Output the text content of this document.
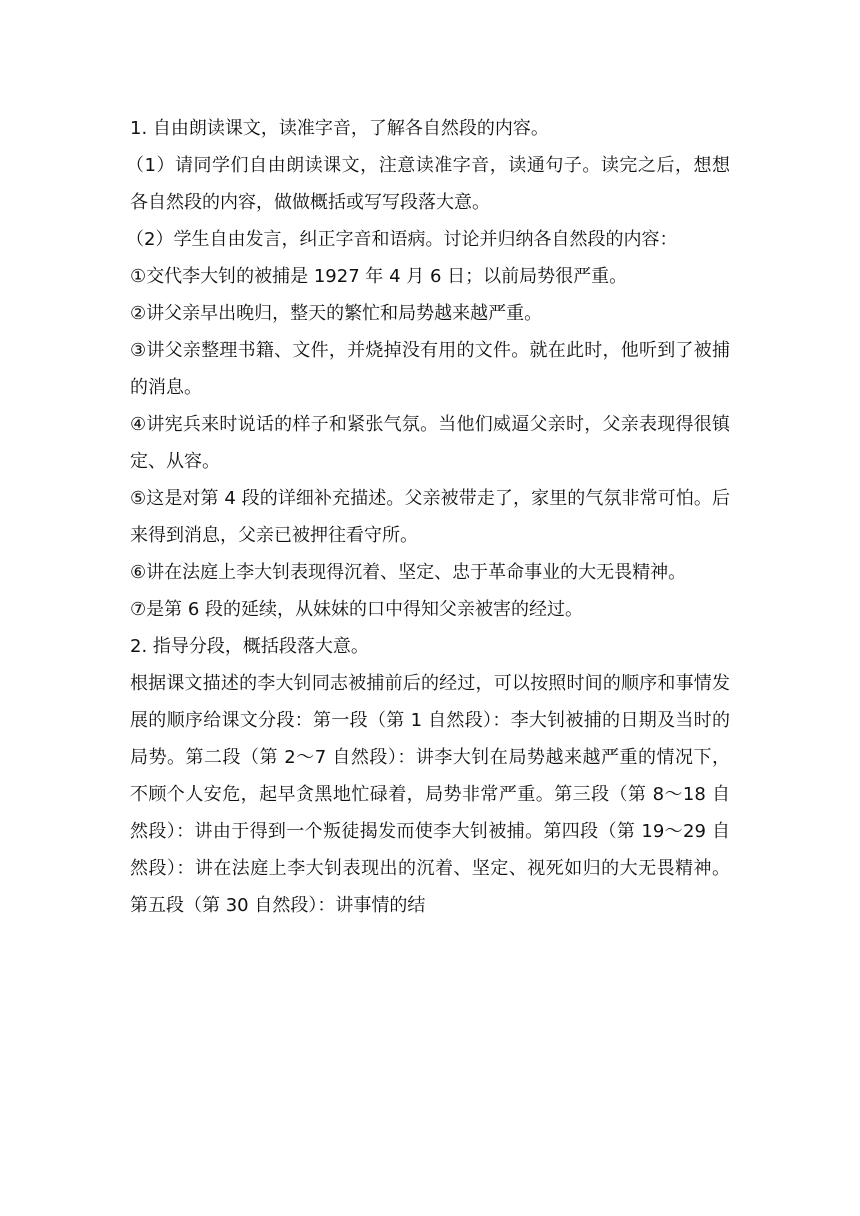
1. 自由朗读课文，读准字音，了解各自然段的内容。

（1）请同学们自由朗读课文，注意读准字音，读通句子。读完之后，想想各自然段的内容，做做概括或写写段落大意。

（2）学生自由发言，纠正字音和语病。讨论并归纳各自然段的内容：

①交代李大钊的被捕是 1927 年 4 月 6 日；以前局势很严重。

②讲父亲早出晚归，整天的繁忙和局势越来越严重。

③讲父亲整理书籍、文件，并烧掉没有用的文件。就在此时，他听到了被捕的消息。

④讲宪兵来时说话的样子和紧张气氛。当他们威逼父亲时，父亲表现得很镇定、从容。

⑤这是对第 4 段的详细补充描述。父亲被带走了，家里的气氛非常可怕。后来得到消息，父亲已被押往看守所。

⑥讲在法庭上李大钊表现得沉着、坚定、忠于革命事业的大无畏精神。

⑦是第 6 段的延续，从妹妹的口中得知父亲被害的经过。

2. 指导分段，概括段落大意。

根据课文描述的李大钊同志被捕前后的经过，可以按照时间的顺序和事情发展的顺序给课文分段：第一段（第 1 自然段）：李大钊被捕的日期及当时的局势。第二段（第 2～7 自然段）：讲李大钊在局势越来越严重的情况下，不顾个人安危，起早贪黑地忙碌着，局势非常严重。第三段（第 8～18 自然段）：讲由于得到一个叛徒揭发而使李大钊被捕。第四段（第 19～29 自然段）：讲在法庭上李大钊表现出的沉着、坚定、视死如归的大无畏精神。第五段（第 30 自然段）：讲事情的结
